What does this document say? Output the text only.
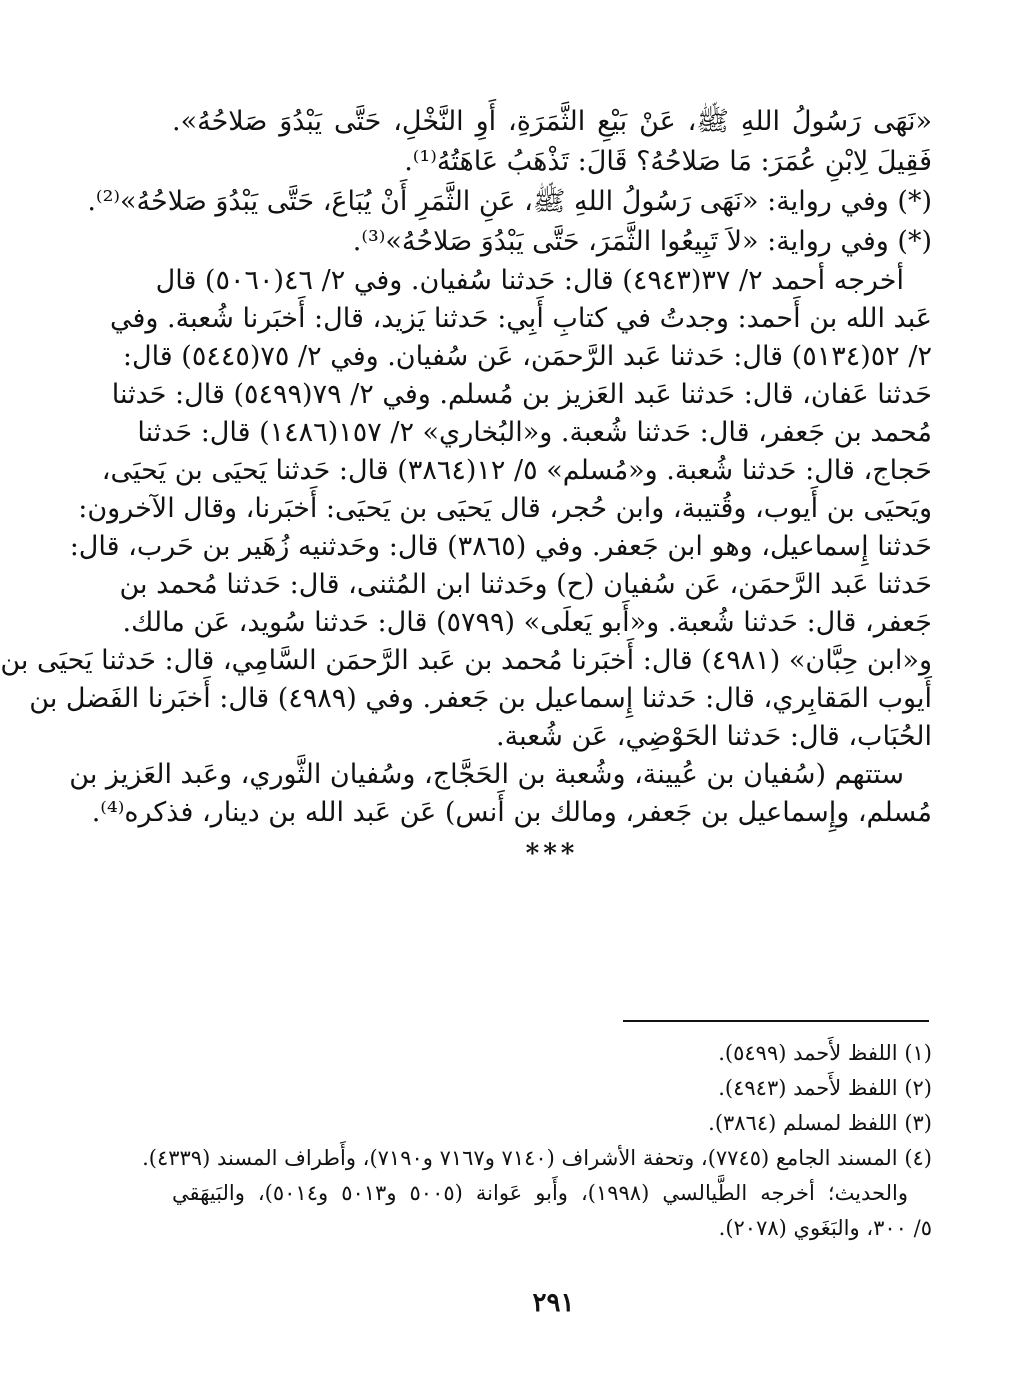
«نَهَى رَسُولُ اللهِ ﷺ، عَنْ بَيْعِ الثَّمَرَةِ، أَوِ النَّخْلِ، حَتَّى يَبْدُوَ صَلاحُهُ».
فَقِيلَ لِابْنِ عُمَرَ: مَا صَلاحُهُ؟ قَالَ: تَذْهَبُ عَاهَتُهُ⁽¹⁾.
(*) وفي رواية: «نَهَى رَسُولُ اللهِ ﷺ، عَنِ الثَّمَرِ أَنْ يُبَاعَ، حَتَّى يَبْدُوَ صَلاحُهُ»⁽²⁾.
(*) وفي رواية: «لاَ تَبِيعُوا الثَّمَرَ، حَتَّى يَبْدُوَ صَلاحُهُ»⁽³⁾.
أخرجه أحمد ٢/ ٣٧(٤٩٤٣) قال: حَدثنا سُفيان. وفي ٢/ ٤٦(٥٠٦٠) قال
عَبد الله بن أَحمد: وجدتُ في كتابِ أَبِي: حَدثنا يَزيد، قال: أَخبَرنا شُعبة. وفي
٢/ ٥٢(٥١٣٤) قال: حَدثنا عَبد الرَّحمَن، عَن سُفيان. وفي ٢/ ٧٥(٥٤٤٥) قال:
حَدثنا عَفان، قال: حَدثنا عَبد العَزيز بن مُسلم. وفي ٢/ ٧٩(٥٤٩٩) قال: حَدثنا
مُحمد بن جَعفر، قال: حَدثنا شُعبة. و«البُخاري» ٢/ ١٥٧(١٤٨٦) قال: حَدثنا
حَجاج، قال: حَدثنا شُعبة. و«مُسلم» ٥/ ١٢(٣٨٦٤) قال: حَدثنا يَحيَى بن يَحيَى،
ويَحيَى بن أَيوب، وقُتيبة، وابن حُجر، قال يَحيَى بن يَحيَى: أَخبَرنا، وقال الآخرون:
حَدثنا إِسماعيل، وهو ابن جَعفر. وفي (٣٨٦٥) قال: وحَدثنيه زُهَير بن حَرب، قال:
حَدثنا عَبد الرَّحمَن، عَن سُفيان (ح) وحَدثنا ابن المُثنى، قال: حَدثنا مُحمد بن
جَعفر، قال: حَدثنا شُعبة. و«أَبو يَعلَى» (٥٧٩٩) قال: حَدثنا سُويد، عَن مالك.
و«ابن حِبَّان» (٤٩٨١) قال: أَخبَرنا مُحمد بن عَبد الرَّحمَن السَّامِي، قال: حَدثنا يَحيَى بن
أَيوب المَقابِري، قال: حَدثنا إِسماعيل بن جَعفر. وفي (٤٩٨٩) قال: أَخبَرنا الفَضل بن
الحُبَاب، قال: حَدثنا الحَوْضِي، عَن شُعبة.
ستتهم (سُفيان بن عُيينة، وشُعبة بن الحَجَّاج، وسُفيان الثَّوري، وعَبد العَزيز بن
مُسلم، وإِسماعيل بن جَعفر، ومالك بن أَنس) عَن عَبد الله بن دينار، فذكره⁽⁴⁾.
***
(١) اللفظ لأَحمد (٥٤٩٩).
(٢) اللفظ لأَحمد (٤٩٤٣).
(٣) اللفظ لمسلم (٣٨٦٤).
(٤) المسند الجامع (٧٧٤٥)، وتحفة الأشراف (٧١٤٠ و٧١٦٧ و٧١٩٠)، وأَطراف المسند (٤٣٣٩).
والحديث؛ أخرجه الطَّيالسي (١٩٩٨)، وأَبو عَوانة (٥٠٠٥ و٥٠١٣ و٥٠١٤)، والبَيهَقي
٥/ ٣٠٠، والبَغَوي (٢٠٧٨).
٢٩١
